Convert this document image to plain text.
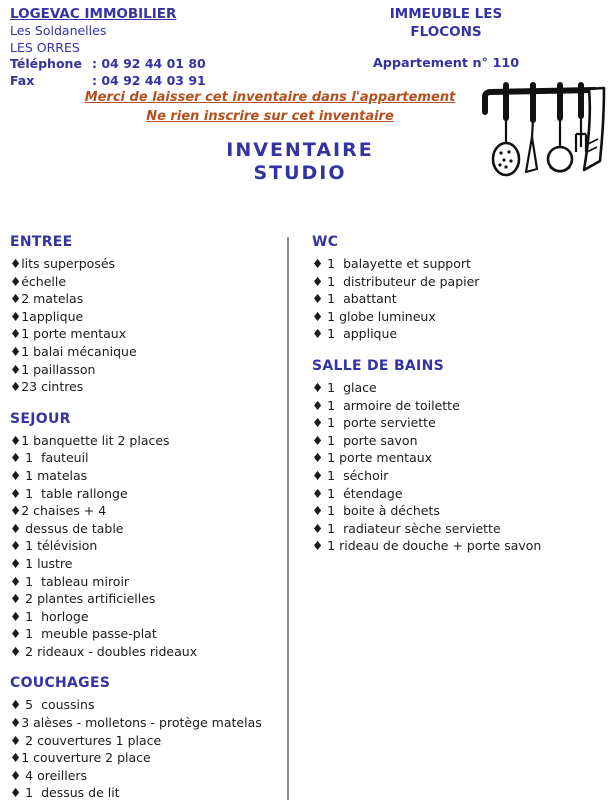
LOGEVAC IMMOBILIER
Les Soldanelles
LES ORRES
Téléphone : 04 92 44 01 80
Fax	: 04 92 44 03 91
IMMEUBLE LES FLOCONS
Appartement n° 110
Merci de laisser cet inventaire dans l'appartement
Ne rien inscrire sur cet inventaire
INVENTAIRE
STUDIO
ENTREE
♦lits superposés
♦échelle
♦2 matelas
♦1applique
♦1 porte mentaux
♦1 balai mécanique
♦1 paillasson
♦23 cintres
SEJOUR
♦1 banquette lit 2 places
♦ 1  fauteuil
♦ 1 matelas
♦ 1  table rallonge
♦2 chaises + 4
♦ dessus de table
♦ 1 télévision
♦ 1 lustre
♦ 1  tableau miroir
♦ 2 plantes artificielles
♦ 1  horloge
♦ 1  meuble passe-plat
♦ 2 rideaux - doubles rideaux
COUCHAGES
♦ 5  coussins
♦3 alèses - molletons - protège matelas
♦ 2 couvertures 1 place
♦1 couverture 2 place
♦ 4 oreillers
♦ 1  dessus de lit
WC
♦ 1  balayette et support
♦ 1  distributeur de papier
♦ 1  abattant
♦ 1 globe lumineux
♦ 1  applique
SALLE DE BAINS
♦ 1  glace
♦ 1  armoire de toilette
♦ 1  porte serviette
♦ 1  porte savon
♦ 1 porte mentaux
♦ 1  séchoir
♦ 1  étendage
♦ 1  boite à déchets
♦ 1  radiateur sèche serviette
♦ 1 rideau de douche + porte savon
